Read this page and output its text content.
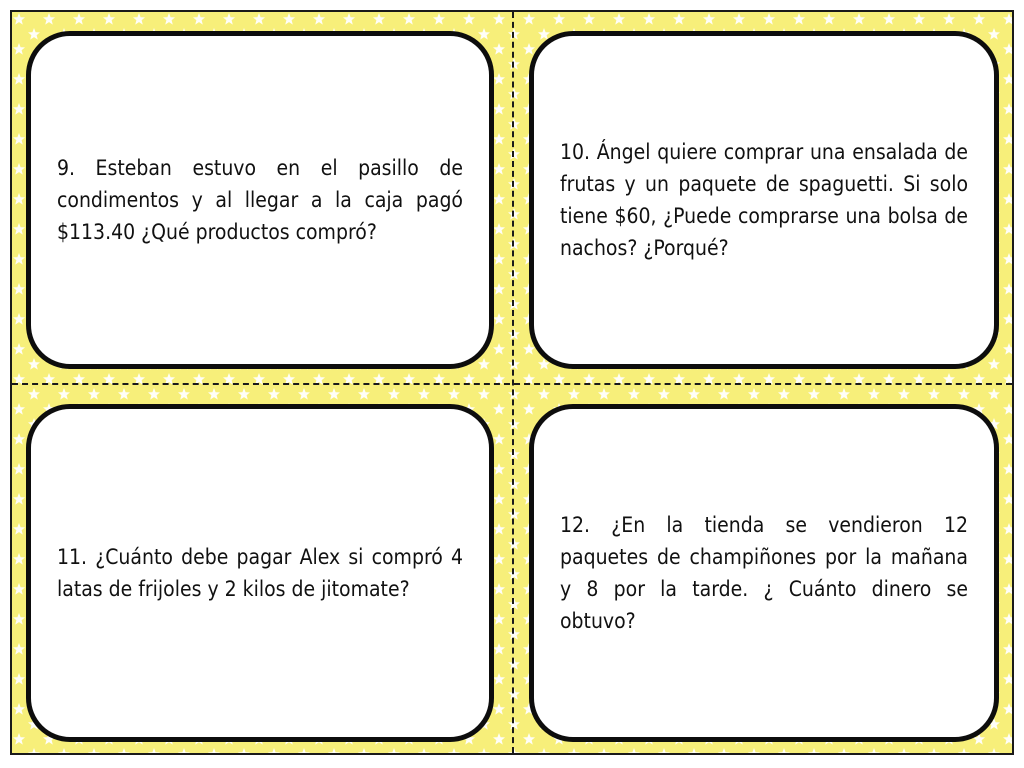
9. Esteban estuvo en el pasillo de condimentos y al llegar a la caja pagó $113.40 ¿Qué productos compró?

10. Ángel quiere comprar una ensalada de frutas y un paquete de spaguetti. Si solo tiene $60, ¿Puede comprarse una bolsa de nachos? ¿Porqué?

11. ¿Cuánto debe pagar Alex si compró 4 latas de frijoles y 2 kilos de jitomate?

12. ¿En la tienda se vendieron 12 paquetes de champiñones por la mañana y 8 por la tarde. ¿ Cuánto dinero se obtuvo?
